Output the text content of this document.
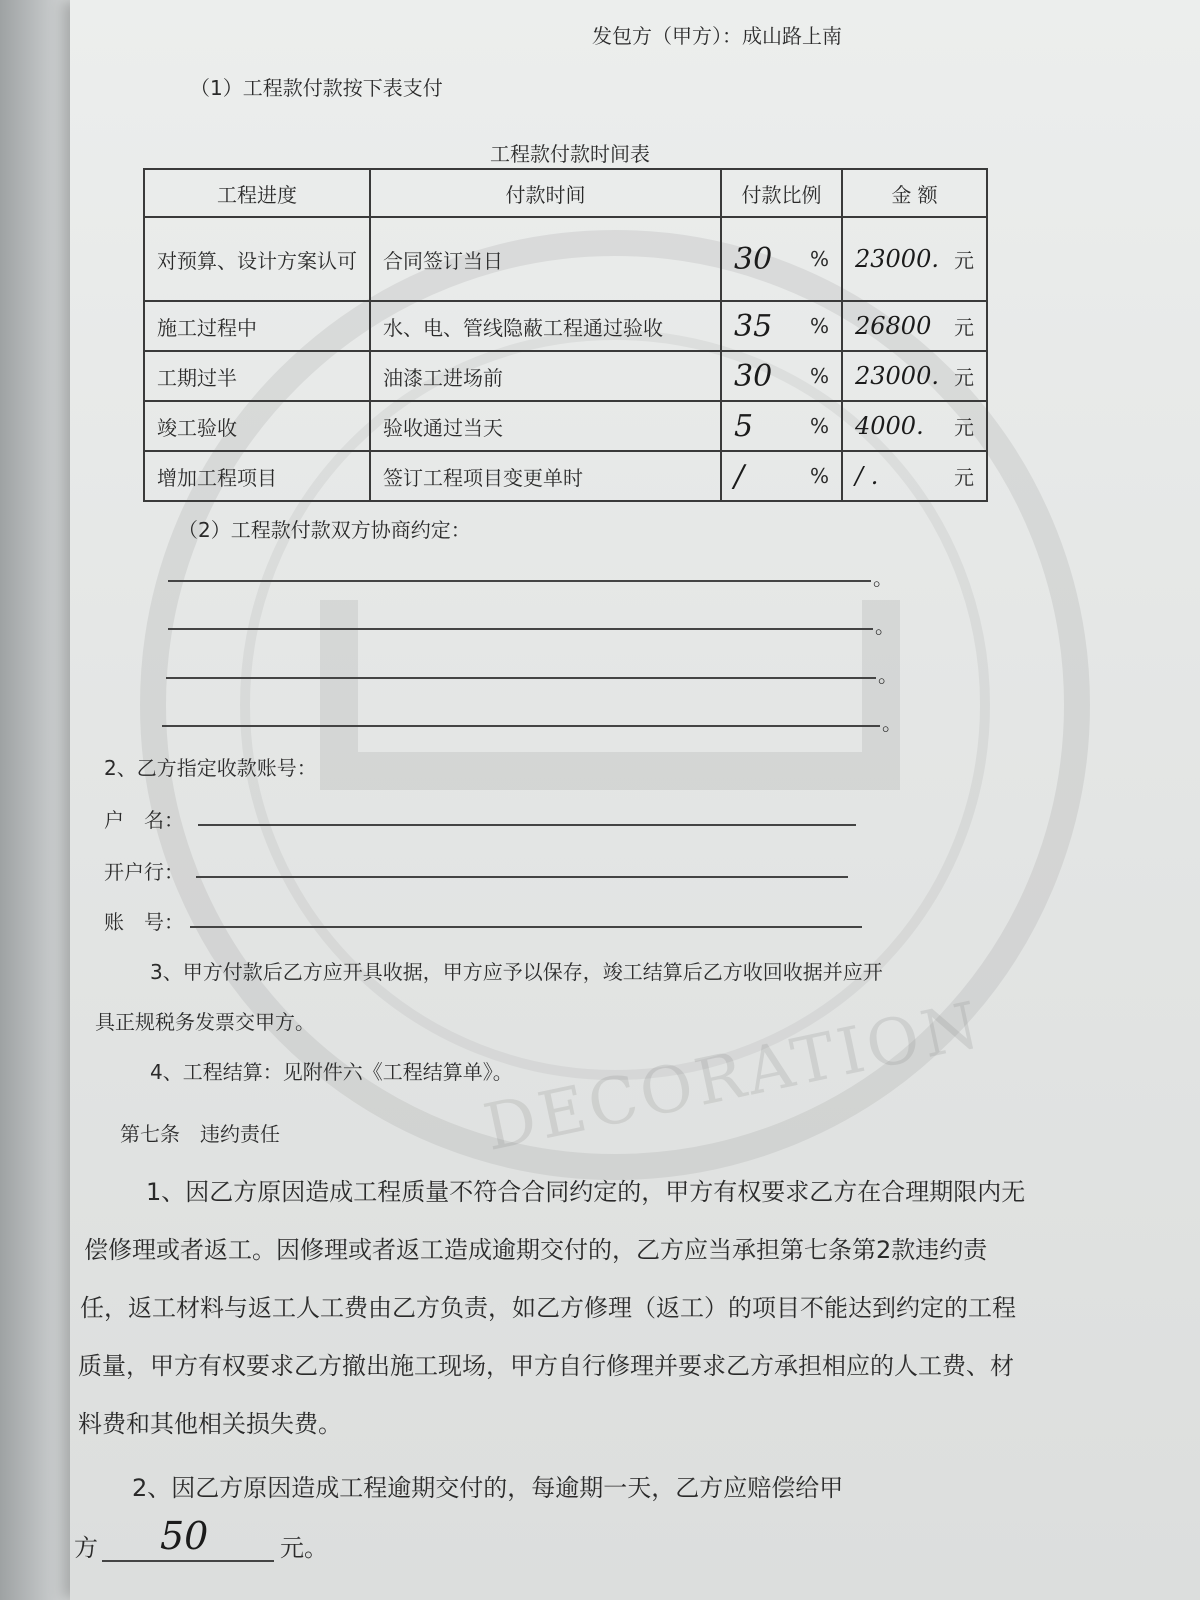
DECORATION
发包方（甲方）：成山路上南
（1）工程款付款按下表支付
工程款付款时间表
工程进度	付款时间	付款比例	金 额
对预算、设计方案认可	合同签订当日	30 %	23000. 元

施工过程中	水、电、管线隐蔽工程通过验收	35 %	26800 元

工期过半	油漆工进场前	30 %	23000. 元

竣工验收	验收通过当天	5 %	4000. 元

增加工程项目	签订工程项目变更单时	/ %	/ . 元
（2）工程款付款双方协商约定：
。
。
。
。
2、乙方指定收款账号：
户　名：
开户行：
账　号：
3、甲方付款后乙方应开具收据，甲方应予以保存，竣工结算后乙方收回收据并应开
具正规税务发票交甲方。
4、工程结算：见附件六《工程结算单》。
第七条　违约责任
1、因乙方原因造成工程质量不符合合同约定的，甲方有权要求乙方在合理期限内无
偿修理或者返工。因修理或者返工造成逾期交付的，乙方应当承担第七条第2款违约责
任，返工材料与返工人工费由乙方负责，如乙方修理（返工）的项目不能达到约定的工程
质量，甲方有权要求乙方撤出施工现场，甲方自行修理并要求乙方承担相应的人工费、材
料费和其他相关损失费。
2、因乙方原因造成工程逾期交付的，每逾期一天，乙方应赔偿给甲
方 50	元。
